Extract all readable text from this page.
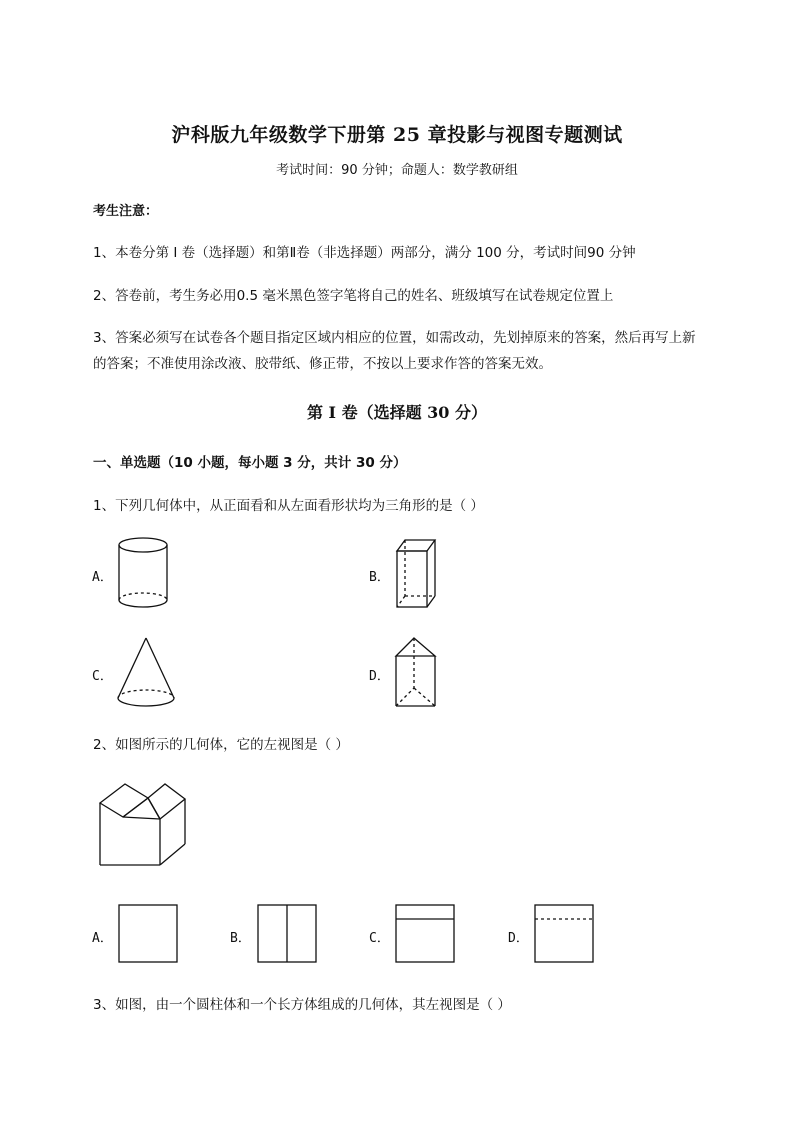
沪科版九年级数学下册第 25 章投影与视图专题测试
考试时间：90 分钟；命题人：数学教研组
考生注意：
1、本卷分第 I 卷（选择题）和第Ⅱ卷（非选择题）两部分，满分 100 分，考试时间90 分钟
2、答卷前，考生务必用0.5 毫米黑色签字笔将自己的姓名、班级填写在试卷规定位置上
3、答案必须写在试卷各个题目指定区域内相应的位置，如需改动，先划掉原来的答案，然后再写上新
的答案；不准使用涂改液、胶带纸、修正带，不按以上要求作答的答案无效。
第 I 卷（选择题 30 分）
一、单选题（10 小题，每小题 3 分，共计 30 分）
1、下列几何体中，从正面看和从左面看形状均为三角形的是（ ）
A．	B．
C．	D．
2、如图所示的几何体，它的左视图是（ ）
A．	B．	C．	D．
3、如图，由一个圆柱体和一个长方体组成的几何体，其左视图是（ ）
